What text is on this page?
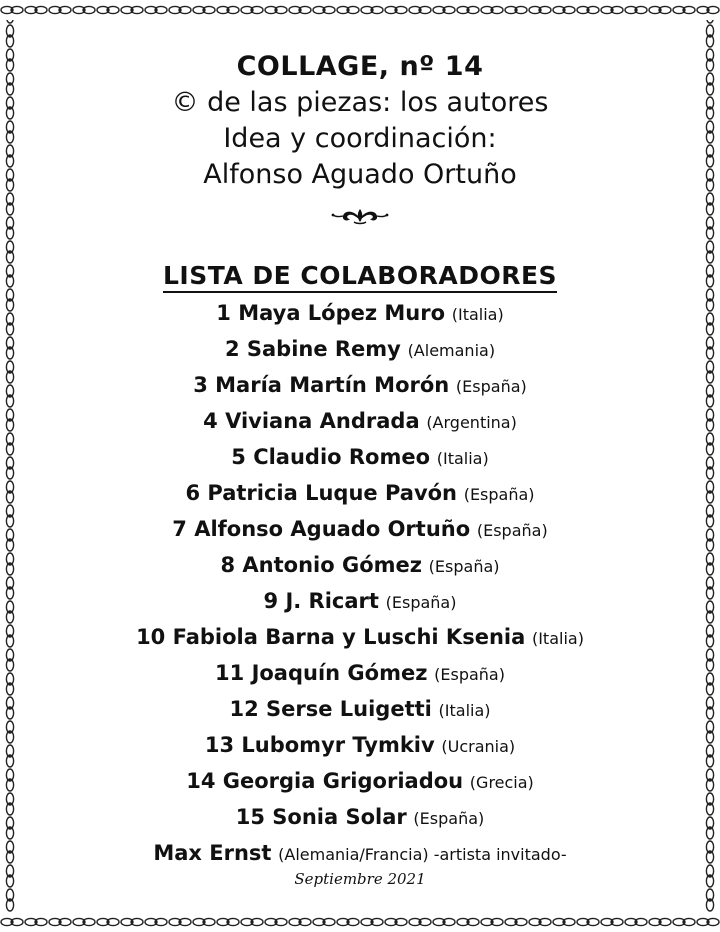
COLLAGE, nº 14
© de las piezas: los autores
Idea y coordinación:
Alfonso Aguado Ortuño
LISTA DE COLABORADORES
1 Maya López Muro (Italia)
2 Sabine Remy (Alemania)
3 María Martín Morón (España)
4 Viviana Andrada (Argentina)
5 Claudio Romeo (Italia)
6 Patricia Luque Pavón (España)
7 Alfonso Aguado Ortuño (España)
8 Antonio Gómez (España)
9 J. Ricart (España)
10 Fabiola Barna y Luschi Ksenia (Italia)
11 Joaquín Gómez (España)
12 Serse Luigetti (Italia)
13 Lubomyr Tymkiv (Ucrania)
14 Georgia Grigoriadou (Grecia)
15 Sonia Solar (España)
Max Ernst (Alemania/Francia) -artista invitado-
Septiembre 2021
